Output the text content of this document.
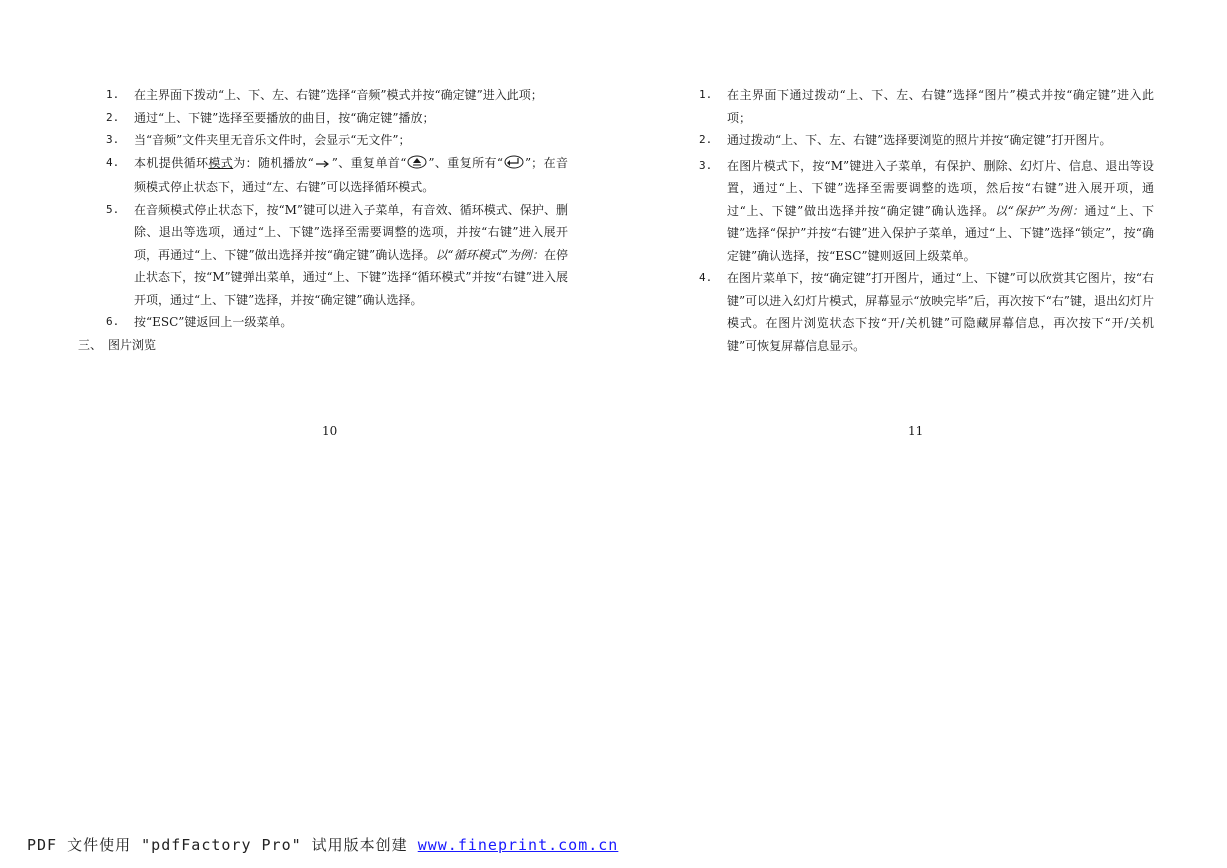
1. 在主界面下拨动“上、下、左、右键”选择“音频”模式并按“确定键”进入此项；
2. 通过“上、下键”选择至要播放的曲目，按“确定键”播放；
3. 当“音频”文件夹里无音乐文件时，会显示“无文件”；
4. 本机提供循环模式为：随机播放“ ”、重复单首“ ”、重复所有“ ”；在音频模式停止状态下，通过“左、右键”可以选择循环模式。
5. 在音频模式停止状态下，按“M”键可以进入子菜单，有音效、循环模式、保护、删除、退出等选项，通过“上、下键”选择至需要调整的选项，并按“右键”进入展开项，再通过“上、下键”做出选择并按“确定键”确认选择。以“循环模式”为例：在停止状态下，按“M”键弹出菜单，通过“上、下键”选择“循环模式”并按“右键”进入展开项，通过“上、下键”选择，并按“确定键”确认选择。
6. 按“ESC”键返回上一级菜单。
三、 图片浏览
1. 在主界面下通过拨动“上、下、左、右键”选择“图片”模式并按“确定键”进入此项；
2. 通过拨动“上、下、左、右键”选择要浏览的照片并按“确定键”打开图片。
3. 在图片模式下，按“M”键进入子菜单，有保护、删除、幻灯片、信息、退出等设置，通过“上、下键”选择至需要调整的选项，然后按“右键”进入展开项，通过“上、下键”做出选择并按“确定键”确认选择。以“保护”为例：通过“上、下键”选择“保护”并按“右键”进入保护子菜单，通过“上、下键”选择“锁定”，按“确定键”确认选择，按“ESC”键则返回上级菜单。
4. 在图片菜单下，按“确定键”打开图片，通过“上、下键”可以欣赏其它图片，按“右键”可以进入幻灯片模式，屏幕显示“放映完毕”后，再次按下“右”键，退出幻灯片模式。在图片浏览状态下按“开/关机键”可隐藏屏幕信息，再次按下“开/关机键”可恢复屏幕信息显示。
10	11
PDF 文件使用 "pdfFactory Pro" 试用版本创建 www.fineprint.com.cn
